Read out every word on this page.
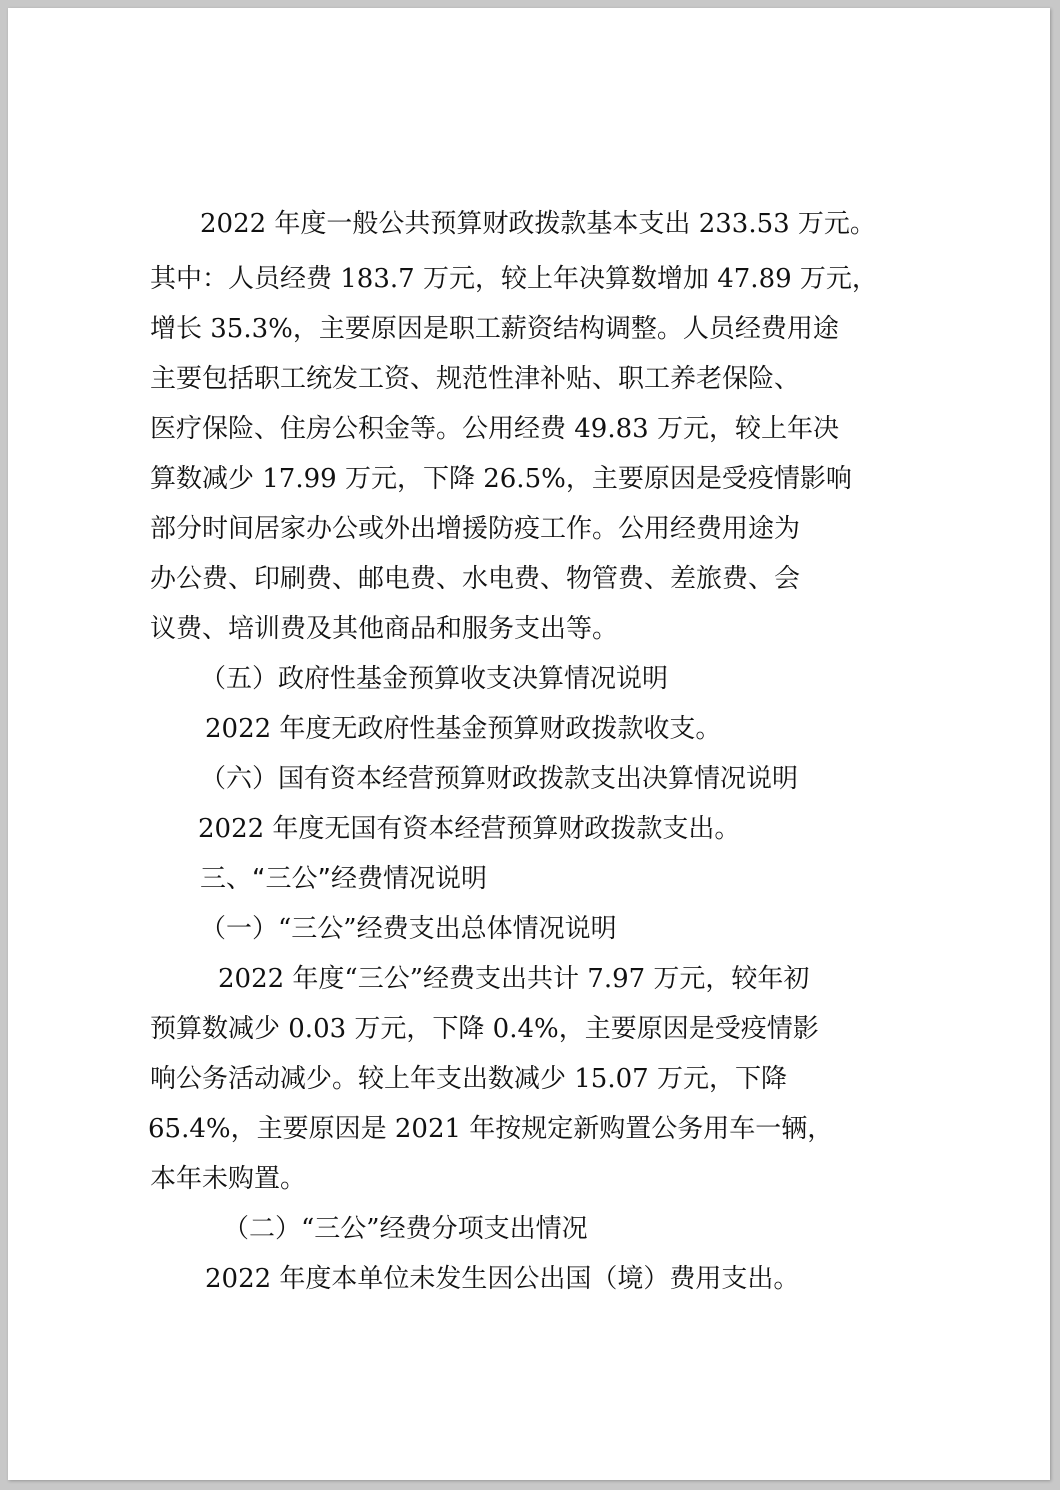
2022 年度一般公共预算财政拨款基本支出 233.53 万元。

其中：人员经费 183.7 万元，较上年决算数增加 47.89 万元，

增长 35.3%，主要原因是职工薪资结构调整。人员经费用途

主要包括职工统发工资、规范性津补贴、职工养老保险、

医疗保险、住房公积金等。公用经费 49.83 万元，较上年决

算数减少 17.99 万元，下降 26.5%，主要原因是受疫情影响

部分时间居家办公或外出增援防疫工作。公用经费用途为

办公费、印刷费、邮电费、水电费、物管费、差旅费、会

议费、培训费及其他商品和服务支出等。

（五）政府性基金预算收支决算情况说明

2022 年度无政府性基金预算财政拨款收支。

（六）国有资本经营预算财政拨款支出决算情况说明

2022 年度无国有资本经营预算财政拨款支出。

三、“三公”经费情况说明

（一）“三公”经费支出总体情况说明

2022 年度“三公”经费支出共计 7.97 万元，较年初

预算数减少 0.03 万元，下降 0.4%，主要原因是受疫情影

响公务活动减少。较上年支出数减少 15.07 万元，下降

65.4%，主要原因是 2021 年按规定新购置公务用车一辆，

本年未购置。

（二）“三公”经费分项支出情况

2022 年度本单位未发生因公出国（境）费用支出。
